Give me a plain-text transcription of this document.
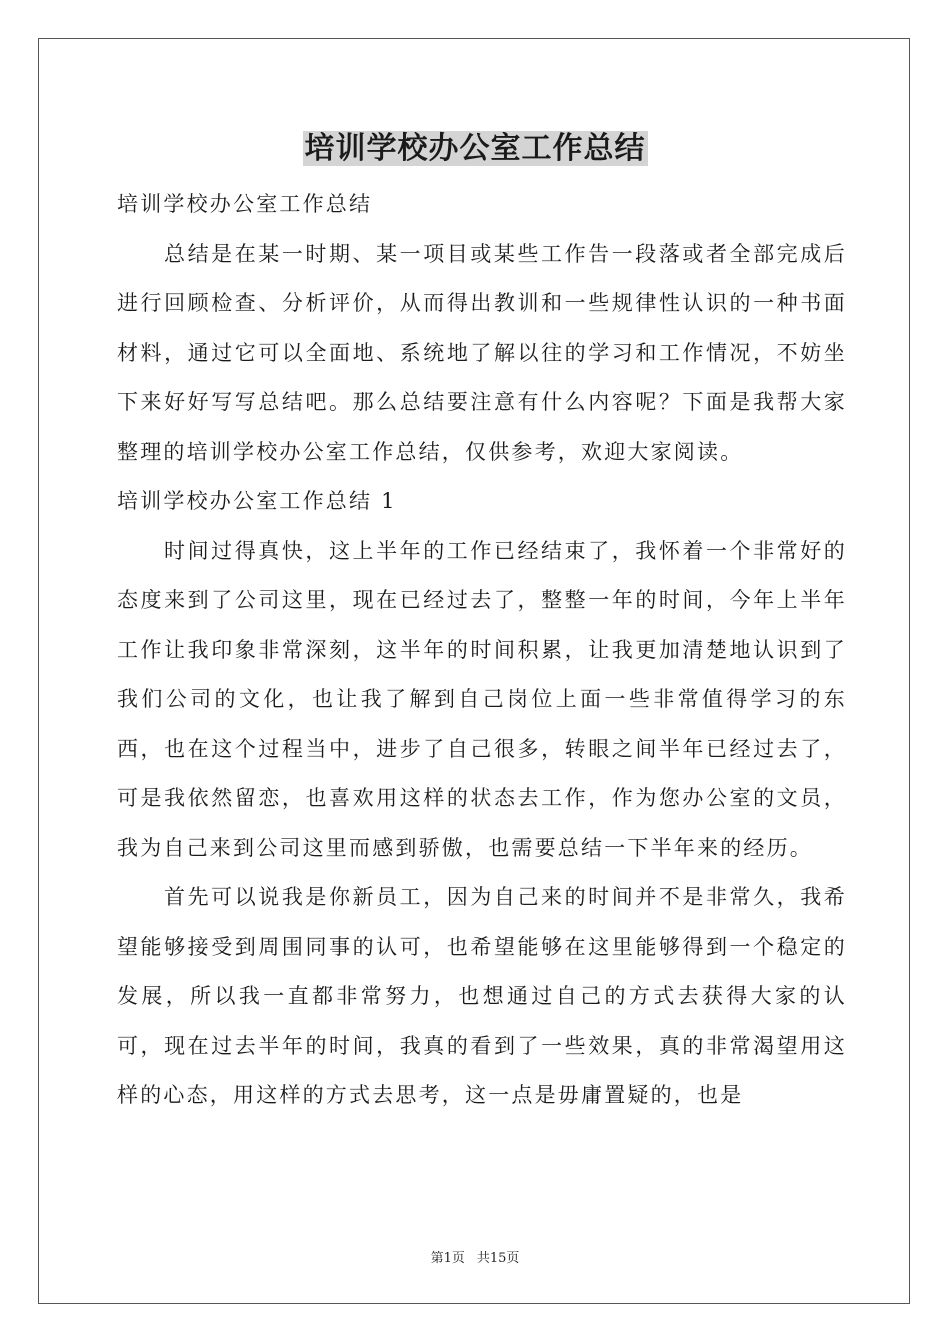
培训学校办公室工作总结

培训学校办公室工作总结

总结是在某一时期、某一项目或某些工作告一段落或者全部完成后进行回顾检查、分析评价，从而得出教训和一些规律性认识的一种书面材料，通过它可以全面地、系统地了解以往的学习和工作情况，不妨坐下来好好写写总结吧。那么总结要注意有什么内容呢？下面是我帮大家整理的培训学校办公室工作总结，仅供参考，欢迎大家阅读。

培训学校办公室工作总结 1

时间过得真快，这上半年的工作已经结束了，我怀着一个非常好的态度来到了公司这里，现在已经过去了，整整一年的时间，今年上半年工作让我印象非常深刻，这半年的时间积累，让我更加清楚地认识到了我们公司的文化，也让我了解到自己岗位上面一些非常值得学习的东西，也在这个过程当中，进步了自己很多，转眼之间半年已经过去了，可是我依然留恋，也喜欢用这样的状态去工作，作为您办公室的文员，我为自己来到公司这里而感到骄傲，也需要总结一下半年来的经历。

首先可以说我是你新员工，因为自己来的时间并不是非常久，我希望能够接受到周围同事的认可，也希望能够在这里能够得到一个稳定的发展，所以我一直都非常努力，也想通过自己的方式去获得大家的认可，现在过去半年的时间，我真的看到了一些效果，真的非常渴望用这样的心态，用这样的方式去思考，这一点是毋庸置疑的，也是

第1页 共15页
